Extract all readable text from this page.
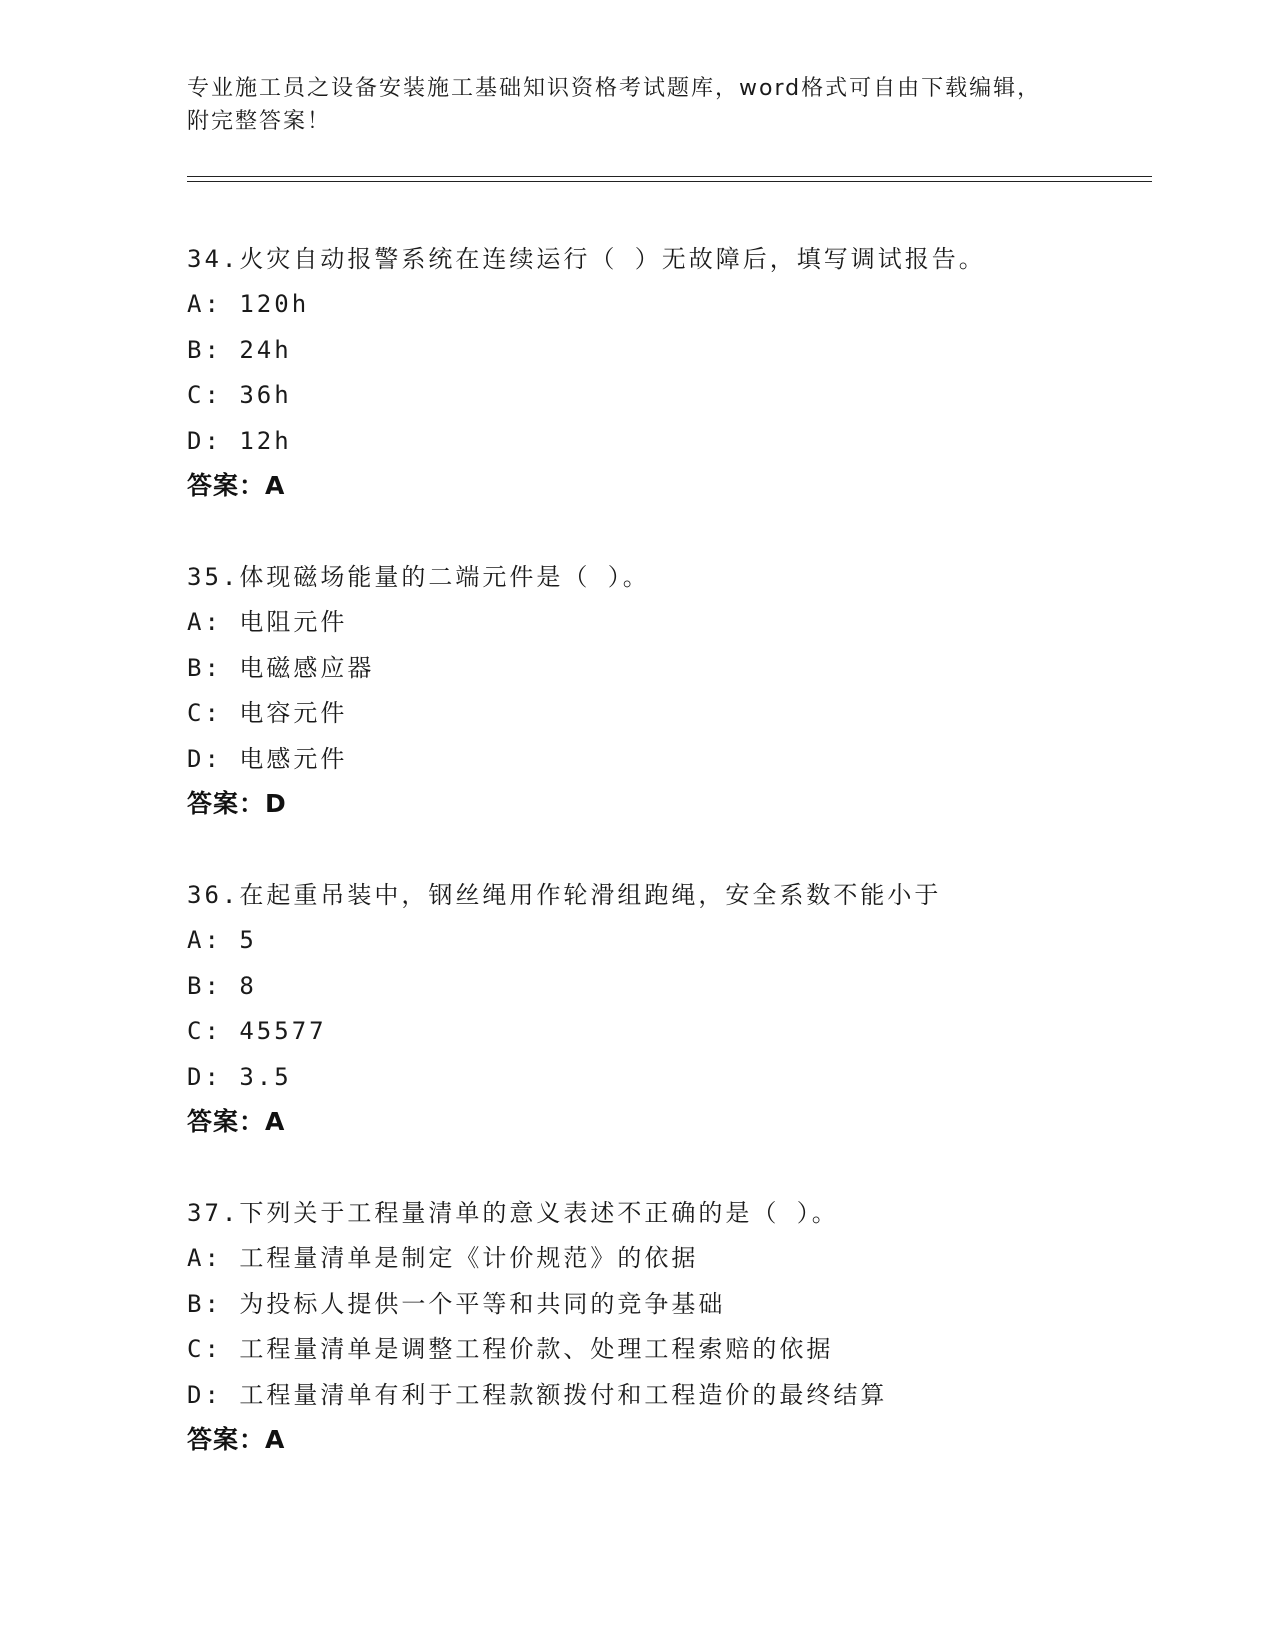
专业施工员之设备安装施工基础知识资格考试题库，word格式可自由下载编辑，
附完整答案！
34.火灾自动报警系统在连续运行（ ）无故障后，填写调试报告。
A: 120h
B: 24h
C: 36h
D: 12h
答案：A
35.体现磁场能量的二端元件是（ ）。
A: 电阻元件
B: 电磁感应器
C: 电容元件
D: 电感元件
答案：D
36.在起重吊装中，钢丝绳用作轮滑组跑绳，安全系数不能小于
A: 5
B: 8
C: 45577
D: 3.5
答案：A
37.下列关于工程量清单的意义表述不正确的是（ ）。
A: 工程量清单是制定《计价规范》的依据
B: 为投标人提供一个平等和共同的竞争基础
C: 工程量清单是调整工程价款、处理工程索赔的依据
D: 工程量清单有利于工程款额拨付和工程造价的最终结算
答案：A
